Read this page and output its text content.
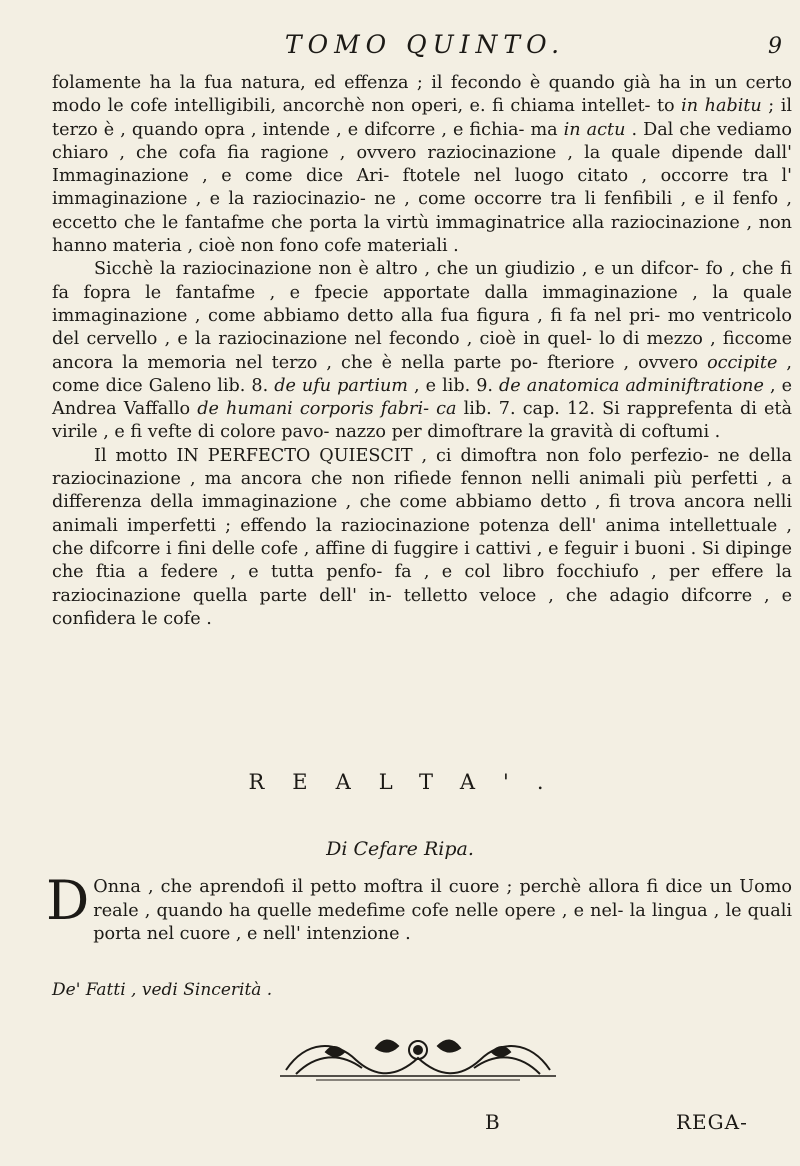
TOMO QUINTO.	9

folamente ha la fua natura, ed effenza ; il fecondo è quando già ha in un certo modo le cofe intelligibili, ancorchè non operi, e. fi chiama intellet- to in habitu ; il terzo è , quando opra , intende , e difcorre , e fichia- ma in actu . Dal che vediamo chiaro , che cofa fia ragione , ovvero raziocinazione , la quale dipende dall' Immaginazione , e come dice Ari- ftotele nel luogo citato , occorre tra l' immaginazione , e la raziocinazio- ne , come occorre tra li fenfibili , e il fenfo , eccetto che le fantafme che porta la virtù immaginatrice alla raziocinazione , non hanno materia , cioè non fono cofe materiali .

Sicchè la raziocinazione non è altro , che un giudizio , e un difcor- fo , che fi fa fopra le fantafme , e fpecie apportate dalla immaginazione , la quale immaginazione , come abbiamo detto alla fua figura , fi fa nel pri- mo ventricolo del cervello , e la raziocinazione nel fecondo , cioè in quel- lo di mezzo , ficcome ancora la memoria nel terzo , che è nella parte po- fteriore , ovvero occipite , come dice Galeno lib. 8. de ufu partium , e lib. 9. de anatomica adminiftratione , e Andrea Vaffallo de humani corporis fabri- ca lib. 7. cap. 12. Si rapprefenta di età virile , e fi vefte di colore pavo- nazzo per dimoftrare la gravità di coftumi .

Il motto IN PERFECTO QUIESCIT , ci dimoftra non folo perfezio- ne della raziocinazione , ma ancora che non rifiede fennon nelli animali più perfetti , a differenza della immaginazione , che come abbiamo detto , fi trova ancora nelli animali imperfetti ; effendo la raziocinazione potenza dell' anima intellettuale , che difcorre i fini delle cofe , affine di fuggire i cattivi , e feguir i buoni . Si dipinge che ftia a federe , e tutta penfo- fa , e col libro focchiufo , per effere la raziocinazione quella parte dell' in- telletto veloce , che adagio difcorre , e confidera le cofe .

REALTA'.
Di Cefare Ripa.
D Onna , che aprendofi il petto moftra il cuore ; perchè allora fi dice un Uomo reale , quando ha quelle medefime cofe nelle opere , e nel- la lingua , le quali porta nel cuore , e nell' intenzione .
De' Fatti , vedi Sincerità .
B	REGA-
